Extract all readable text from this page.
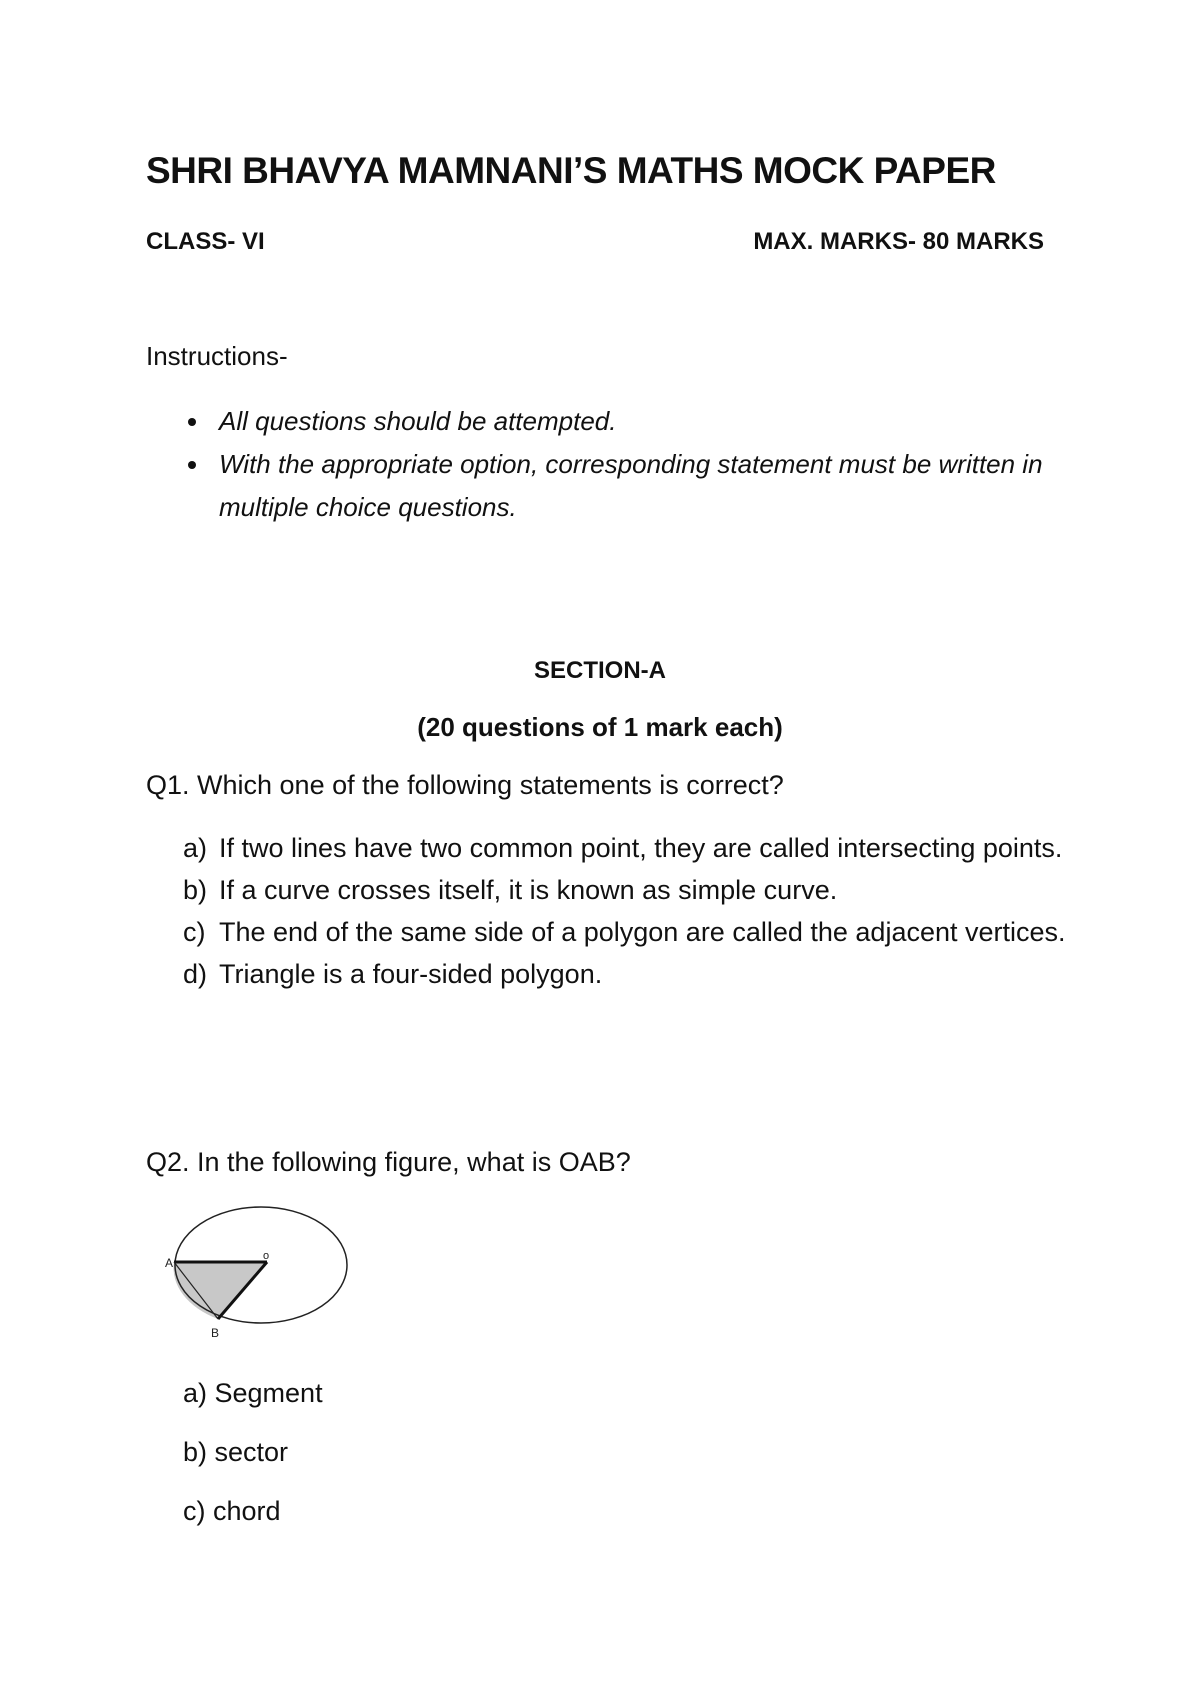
SHRI BHAVYA MAMNANI’S MATHS MOCK PAPER
CLASS- VI	MAX. MARKS- 80 MARKS
Instructions-
All questions should be attempted.
With the appropriate option, corresponding statement must be written in multiple choice questions.
SECTION-A
(20 questions of 1 mark each)
Q1. Which one of the following statements is correct?
a) If two lines have two common point, they are called intersecting points.
b) If a curve crosses itself, it is known as simple curve.
c) The end of the same side of a polygon are called the adjacent vertices.
d) Triangle is a four-sided polygon.
Q2. In the following figure, what is OAB?
A	o
B
a) Segment
b) sector
c) chord
